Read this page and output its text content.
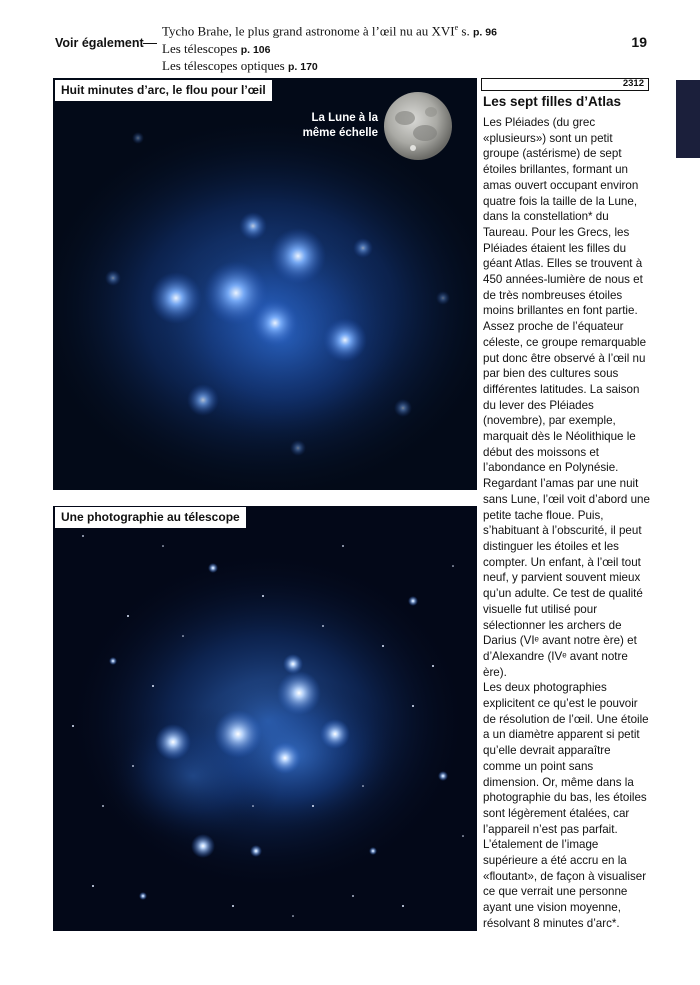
Voir également
Tycho Brahe, le plus grand astronome à l’œil nu au XVIe s. p. 96
Les télescopes p. 106
Les télescopes optiques p. 170
19
Huit minutes d’arc, le flou pour l’œil
La Lune à la
même échelle
Une photographie au télescope
2312
Les sept filles d’Atlas

Les Pléiades (du grec «plusieurs») sont un petit groupe (astérisme) de sept étoiles brillantes, formant un amas ouvert occupant environ quatre fois la taille de la Lune, dans la constellation* du Taureau. Pour les Grecs, les Pléiades étaient les filles du géant Atlas. Elles se trouvent à 450 années-lumière de nous et de très nombreuses étoiles moins brillantes en font partie. Assez proche de l’équateur céleste, ce groupe remarquable put donc être observé à l’œil nu par bien des cultures sous différentes latitudes. La saison du lever des Pléiades (novembre), par exemple, marquait dès le Néolithique le début des moissons et l’abondance en Polynésie. Regardant l’amas par une nuit sans Lune, l’œil voit d’abord une petite tache floue. Puis, s’habituant à l’obscurité, il peut distinguer les étoiles et les compter. Un enfant, à l’œil tout neuf, y parvient souvent mieux qu’un adulte. Ce test de qualité visuelle fut utilisé pour sélectionner les archers de Darius (VIᵉ avant notre ère) et d’Alexandre (IVᵉ avant notre ère).

Les deux photographies explicitent ce qu’est le pouvoir de résolution de l’œil. Une étoile a un diamètre apparent si petit qu’elle devrait apparaître comme un point sans dimension. Or, même dans la photographie du bas, les étoiles sont légèrement étalées, car l’appareil n’est pas parfait. L’étalement de l’image supérieure a été accru en la «floutant», de façon à visualiser ce que verrait une personne ayant une vision moyenne, résolvant 8 minutes d’arc*.
